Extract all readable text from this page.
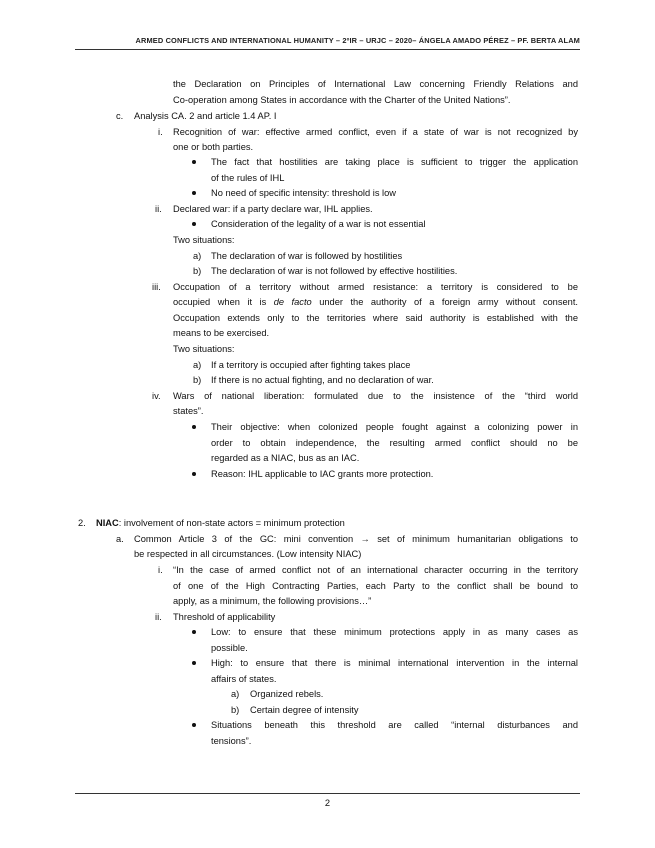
ARMED CONFLICTS AND INTERNATIONAL HUMANITY – 2ºIR – URJC – 2020– ÁNGELA AMADO PÉREZ – PF. BERTA ALAM
the Declaration on Principles of International Law concerning Friendly Relations and
Co-operation among States in accordance with the Charter of the United Nations”.
c. Analysis CA. 2 and article 1.4 AP. I
i. Recognition of war: effective armed conflict, even if a state of war is not recognized by
one or both parties.
The fact that hostilities are taking place is sufficient to trigger the application
of the rules of IHL
No need of specific intensity: threshold is low
ii. Declared war: if a party declare war, IHL applies.
Consideration of the legality of a war is not essential
Two situations:
a) The declaration of war is followed by hostilities
b) The declaration of war is not followed by effective hostilities.
iii. Occupation of a territory without armed resistance: a territory is considered to be
occupied when it is de facto under the authority of a foreign army without consent.
Occupation extends only to the territories where said authority is established with the
means to be exercised.
Two situations:
a) If a territory is occupied after fighting takes place
b) If there is no actual fighting, and no declaration of war.
iv. Wars of national liberation: formulated due to the insistence of the “third world
states”.
Their objective: when colonized people fought against a colonizing power in
order to obtain independence, the resulting armed conflict should no be
regarded as a NIAC, bus as an IAC.
Reason: IHL applicable to IAC grants more protection.
2. NIAC: involvement of non-state actors = minimum protection
a. Common Article 3 of the GC: mini convention → set of minimum humanitarian obligations to
be respected in all circumstances. (Low intensity NIAC)
i. “In the case of armed conflict not of an international character occurring in the territory
of one of the High Contracting Parties, each Party to the conflict shall be bound to
apply, as a minimum, the following provisions…”
ii. Threshold of applicability
Low: to ensure that these minimum protections apply in as many cases as
possible.
High: to ensure that there is minimal international intervention in the internal
affairs of states.
a) Organized rebels.
b) Certain degree of intensity
Situations beneath this threshold are called “internal disturbances and
tensions”.
2
